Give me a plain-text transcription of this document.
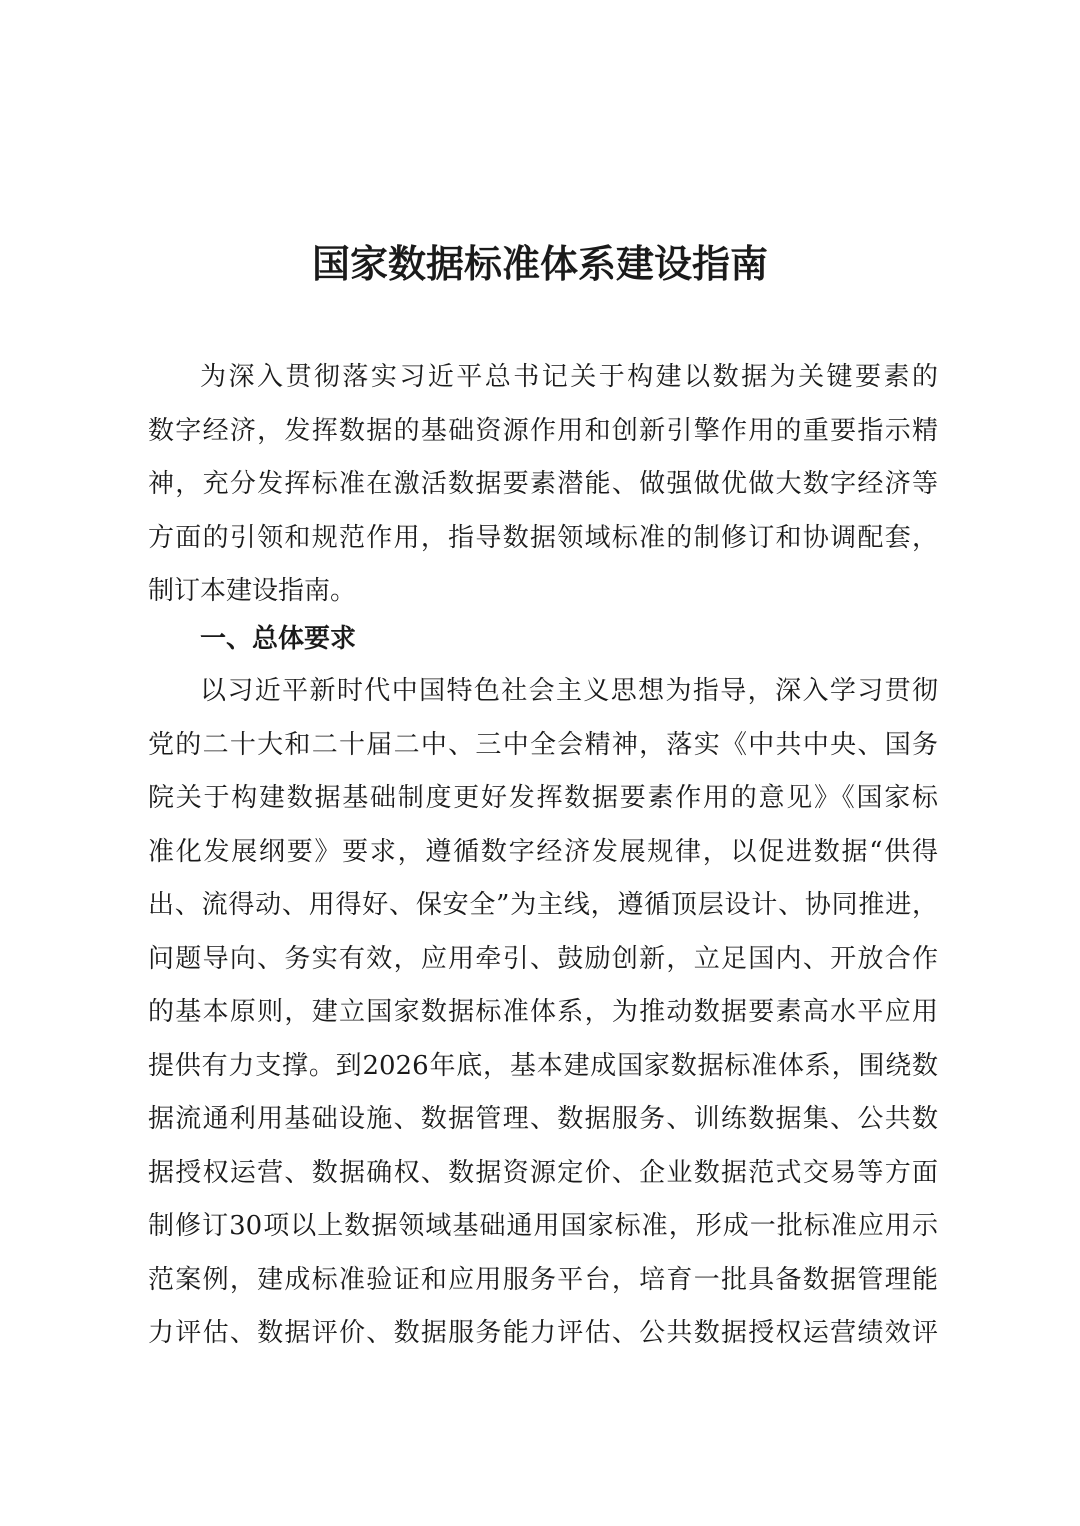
国家数据标准体系建设指南
为深入贯彻落实习近平总书记关于构建以数据为关键要素的
数字经济，发挥数据的基础资源作用和创新引擎作用的重要指示精
神，充分发挥标准在激活数据要素潜能、做强做优做大数字经济等
方面的引领和规范作用，指导数据领域标准的制修订和协调配套，
制订本建设指南。
一、总体要求
以习近平新时代中国特色社会主义思想为指导，深入学习贯彻
党的二十大和二十届二中、三中全会精神，落实《中共中央、国务
院关于构建数据基础制度更好发挥数据要素作用的意见》《国家标
准化发展纲要》要求，遵循数字经济发展规律，以促进数据“供得
出、流得动、用得好、保安全”为主线，遵循顶层设计、协同推进，
问题导向、务实有效，应用牵引、鼓励创新，立足国内、开放合作
的基本原则，建立国家数据标准体系，为推动数据要素高水平应用
提供有力支撑。到2026年底，基本建成国家数据标准体系，围绕数
据流通利用基础设施、数据管理、数据服务、训练数据集、公共数
据授权运营、数据确权、数据资源定价、企业数据范式交易等方面
制修订30项以上数据领域基础通用国家标准，形成一批标准应用示
范案例，建成标准验证和应用服务平台，培育一批具备数据管理能
力评估、数据评价、数据服务能力评估、公共数据授权运营绩效评
